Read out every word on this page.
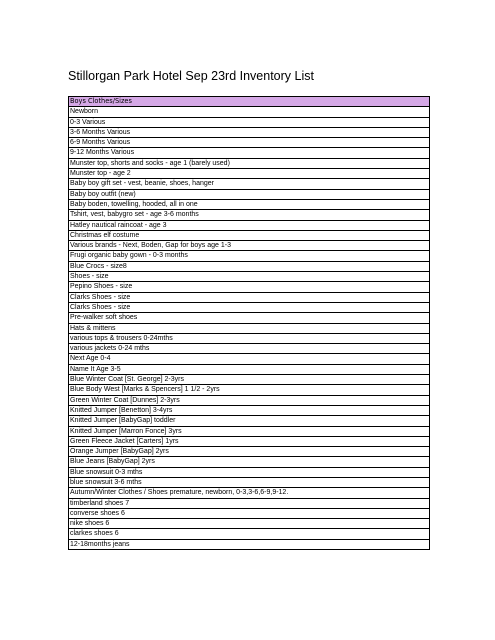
Stillorgan Park Hotel Sep 23rd Inventory List
Boys Clothes/Sizes
Newborn
0-3 Various
3-6 Months Various
6-9 Months Various
9-12 Months Various
Munster top, shorts and socks - age 1 (barely used)
Munster top - age 2
Baby boy gift set - vest, beanie, shoes, hanger
Baby boy outfit (new)
Baby boden, towelling, hooded, all in one
Tshirt, vest, babygro set - age 3-6 months
Hatley nautical raincoat - age 3
Christmas elf costume
Various brands - Next, Boden, Gap for boys age 1-3
Frugi organic baby gown - 0-3 months
Blue Crocs - size8
Shoes - size
Pepino Shoes - size
Clarks Shoes - size
Clarks Shoes - size
Pre-walker soft shoes
Hats & mittens
various tops & trousers 0-24mths
various jackets 0-24 mths
Next Age 0-4
Name It Age 3-5
Blue Winter Coat [St. George] 2-3yrs
Blue Body West [Marks & Spencers] 1 1/2 - 2yrs
Green Winter Coat [Dunnes] 2-3yrs
Knitted Jumper [Benetton] 3-4yrs
Knitted Jumper [BabyGap] toddler
Knitted Jumper [Marron Fonce] 3yrs
Green Fleece Jacket [Carters] 1yrs
Orange Jumper [BabyGap] 2yrs
Blue Jeans [BabyGap] 2yrs
Blue snowsuit 0-3 mths
blue snowsuit 3-6 mths
Autumn/Winter Clothes / Shoes premature, newborn, 0-3,3-6,6-9,9-12.
timberland shoes 7
converse shoes 6
nike shoes 6
clarkes shoes 6
12-18months jeans
